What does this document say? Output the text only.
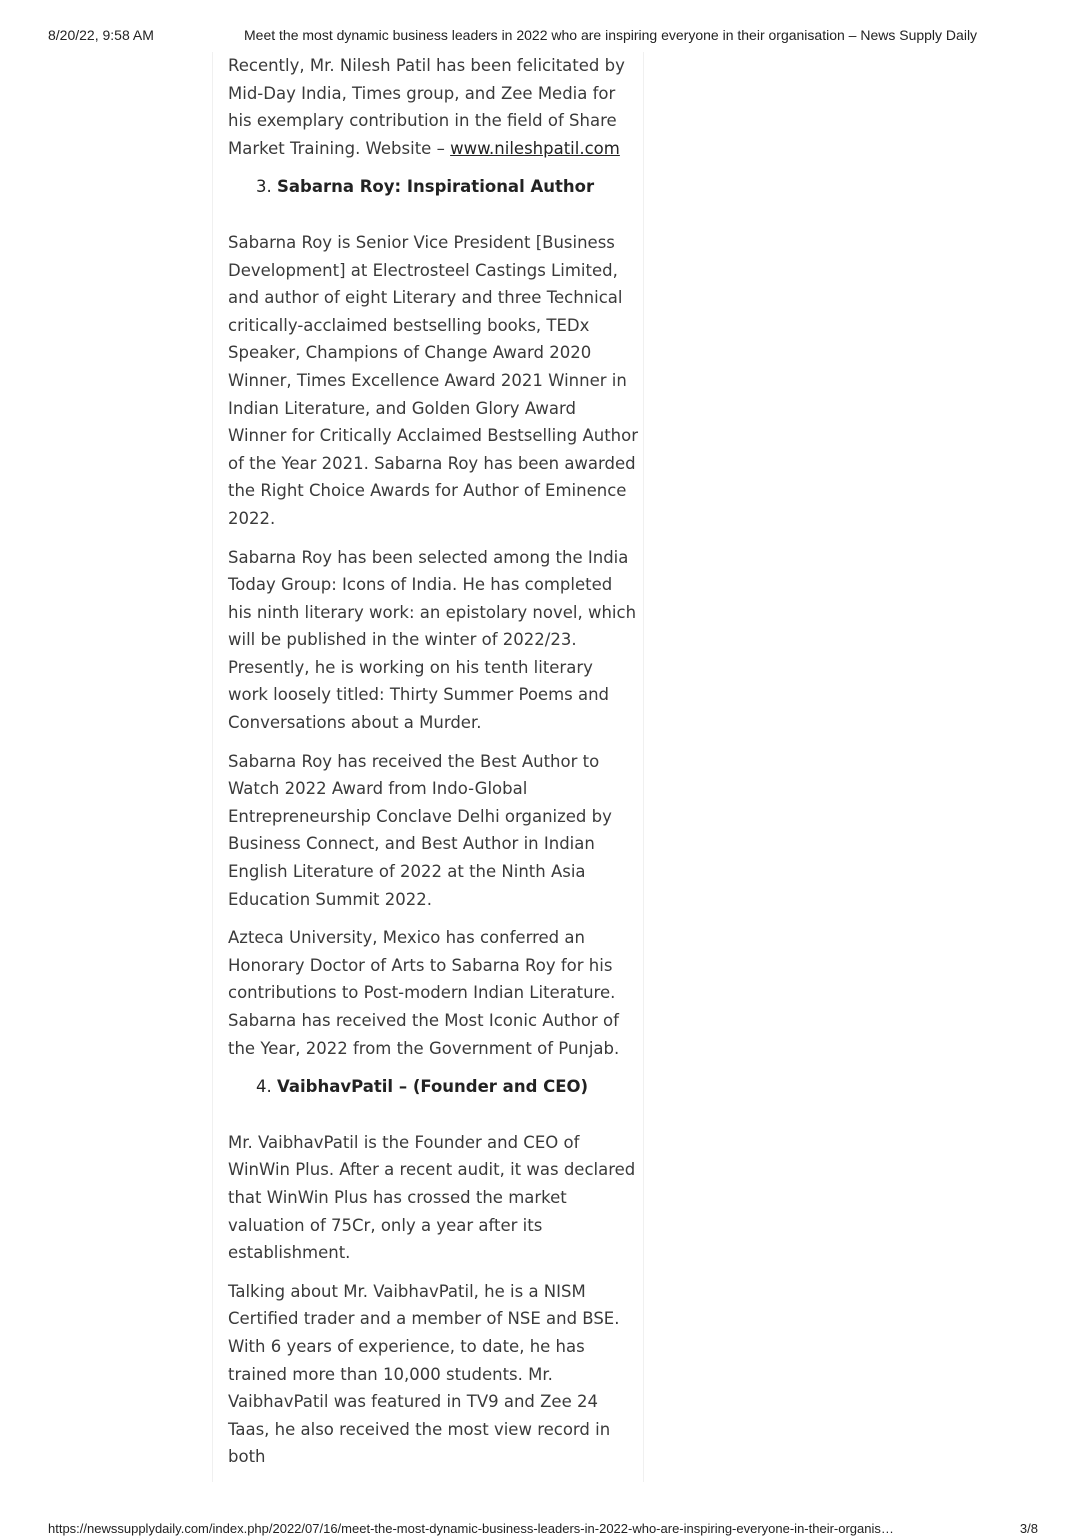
8/20/22, 9:58 AM	Meet the most dynamic business leaders in 2022 who are inspiring everyone in their organisation – News Supply Daily

Recently, Mr. Nilesh Patil has been felicitated by Mid-Day India, Times group, and Zee Media for his exemplary contribution in the field of Share Market Training. Website – www.nileshpatil.com

3. Sabarna Roy: Inspirational Author

Sabarna Roy is Senior Vice President [Business Development] at Electrosteel Castings Limited, and author of eight Literary and three Technical critically-acclaimed bestselling books, TEDx Speaker, Champions of Change Award 2020 Winner, Times Excellence Award 2021 Winner in Indian Literature, and Golden Glory Award Winner for Critically Acclaimed Bestselling Author of the Year 2021. Sabarna Roy has been awarded the Right Choice Awards for Author of Eminence 2022.

Sabarna Roy has been selected among the India Today Group: Icons of India. He has completed his ninth literary work: an epistolary novel, which will be published in the winter of 2022/23. Presently, he is working on his tenth literary work loosely titled: Thirty Summer Poems and Conversations about a Murder.

Sabarna Roy has received the Best Author to Watch 2022 Award from Indo-Global Entrepreneurship Conclave Delhi organized by Business Connect, and Best Author in Indian English Literature of 2022 at the Ninth Asia Education Summit 2022.

Azteca University, Mexico has conferred an Honorary Doctor of Arts to Sabarna Roy for his contributions to Post-modern Indian Literature. Sabarna has received the Most Iconic Author of the Year, 2022 from the Government of Punjab.

4. VaibhavPatil – (Founder and CEO)

Mr. VaibhavPatil is the Founder and CEO of WinWin Plus. After a recent audit, it was declared that WinWin Plus has crossed the market valuation of 75Cr, only a year after its establishment.

Talking about Mr. VaibhavPatil, he is a NISM Certified trader and a member of NSE and BSE. With 6 years of experience, to date, he has trained more than 10,000 students. Mr. VaibhavPatil was featured in TV9 and Zee 24 Taas, he also received the most view record in both

https://newssupplydaily.com/index.php/2022/07/16/meet-the-most-dynamic-business-leaders-in-2022-who-are-inspiring-everyone-in-their-organis…	3/8
